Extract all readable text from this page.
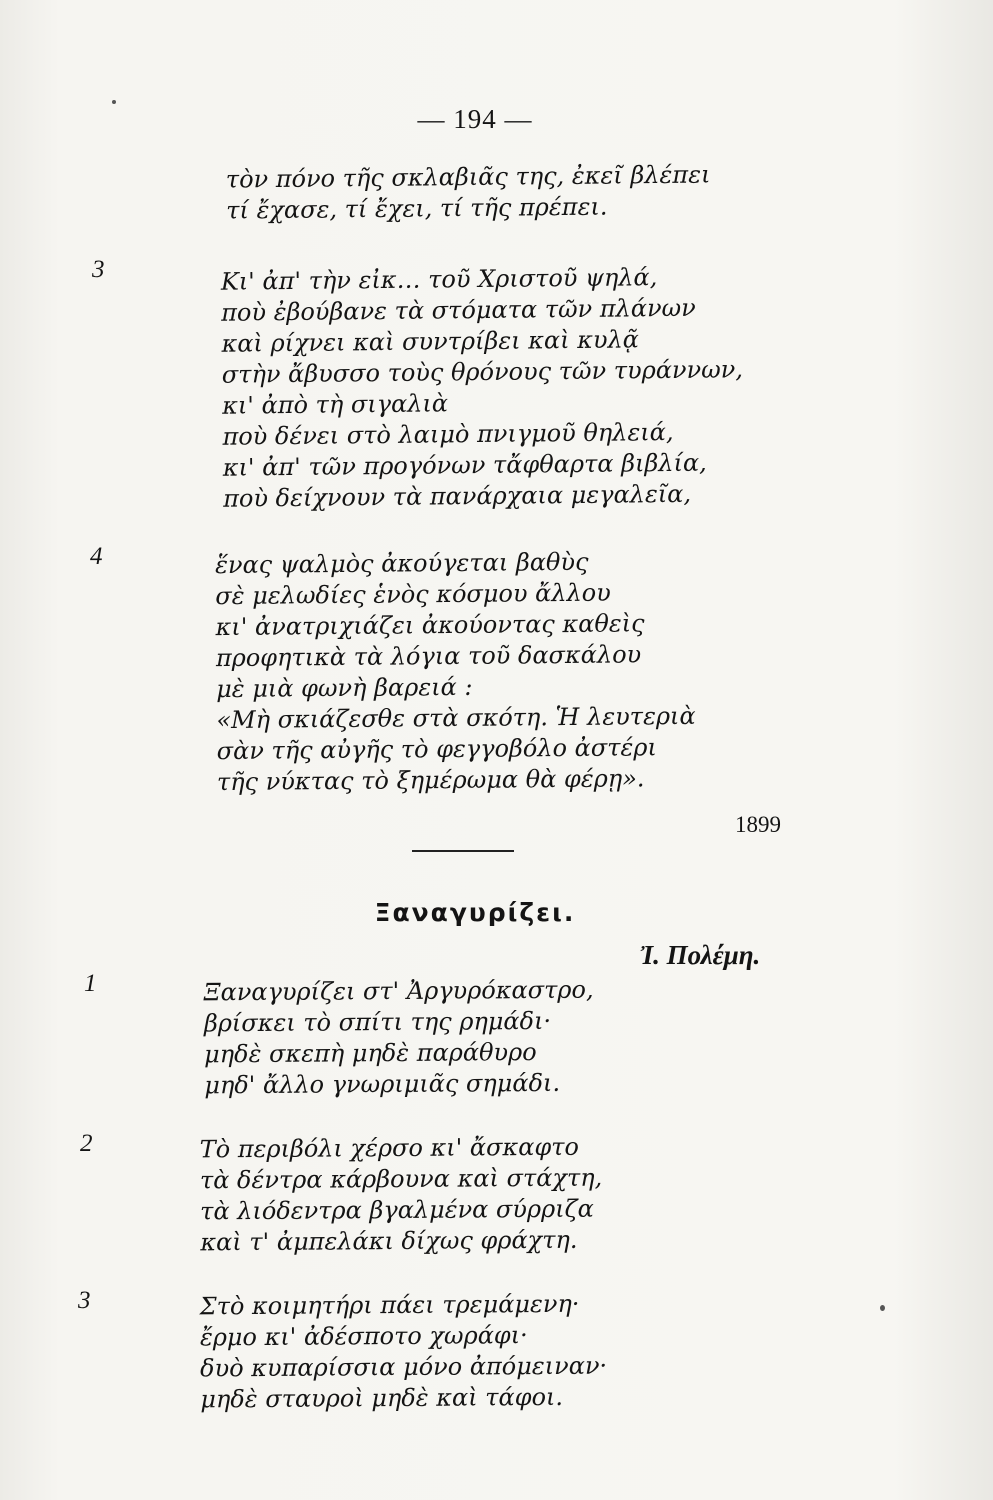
— 194 —
τὸν πόνο τῆς σκλαβιᾶς της, ἐκεῖ βλέπει
τί ἔχασε, τί ἔχει, τί τῆς πρέπει.
3	Κι' ἀπ' τὴν εἰκ… τοῦ Χριστοῦ ψηλά,
ποὺ ἐβούβανε τὰ στόματα τῶν πλάνων
καὶ ρίχνει καὶ συντρίβει καὶ κυλᾷ
στὴν ἄβυσσο τοὺς θρόνους τῶν τυράννων,
κι' ἀπὸ τὴ σιγαλιὰ
ποὺ δένει στὸ λαιμὸ πνιγμοῦ θηλειά,
κι' ἀπ' τῶν προγόνων τἄφθαρτα βιβλία,
ποὺ δείχνουν τὰ πανάρχαια μεγαλεῖα,
4	ἕνας ψαλμὸς ἀκούγεται βαθὺς
σὲ μελωδίες ἑνὸς κόσμου ἄλλου
κι' ἀνατριχιάζει ἀκούοντας καθεὶς
προφητικὰ τὰ λόγια τοῦ δασκάλου
μὲ μιὰ φωνὴ βαρειά :
«Μὴ σκιάζεσθε στὰ σκότη. Ἡ λευτεριὰ
σὰν τῆς αὐγῆς τὸ φεγγοβόλο ἀστέρι
τῆς νύκτας τὸ ξημέρωμα θὰ φέρῃ».
1899
Ξαναγυρίζει.
Ἰ. Πολέμη.
1	Ξαναγυρίζει στ' Ἀργυρόκαστρο,
βρίσκει τὸ σπίτι της ρημάδι·
μηδὲ σκεπὴ μηδὲ παράθυρο
μηδ' ἄλλο γνωριμιᾶς σημάδι.
2	Τὸ περιβόλι χέρσο κι' ἄσκαφτο
τὰ δέντρα κάρβουνα καὶ στάχτη,
τὰ λιόδεντρα βγαλμένα σύρριζα
καὶ τ' ἀμπελάκι δίχως φράχτη.
3	Στὸ κοιμητήρι πάει τρεμάμενη·
ἔρμο κι' ἀδέσποτο χωράφι·
δυὸ κυπαρίσσια μόνο ἀπόμειναν·
μηδὲ σταυροὶ μηδὲ καὶ τάφοι.
